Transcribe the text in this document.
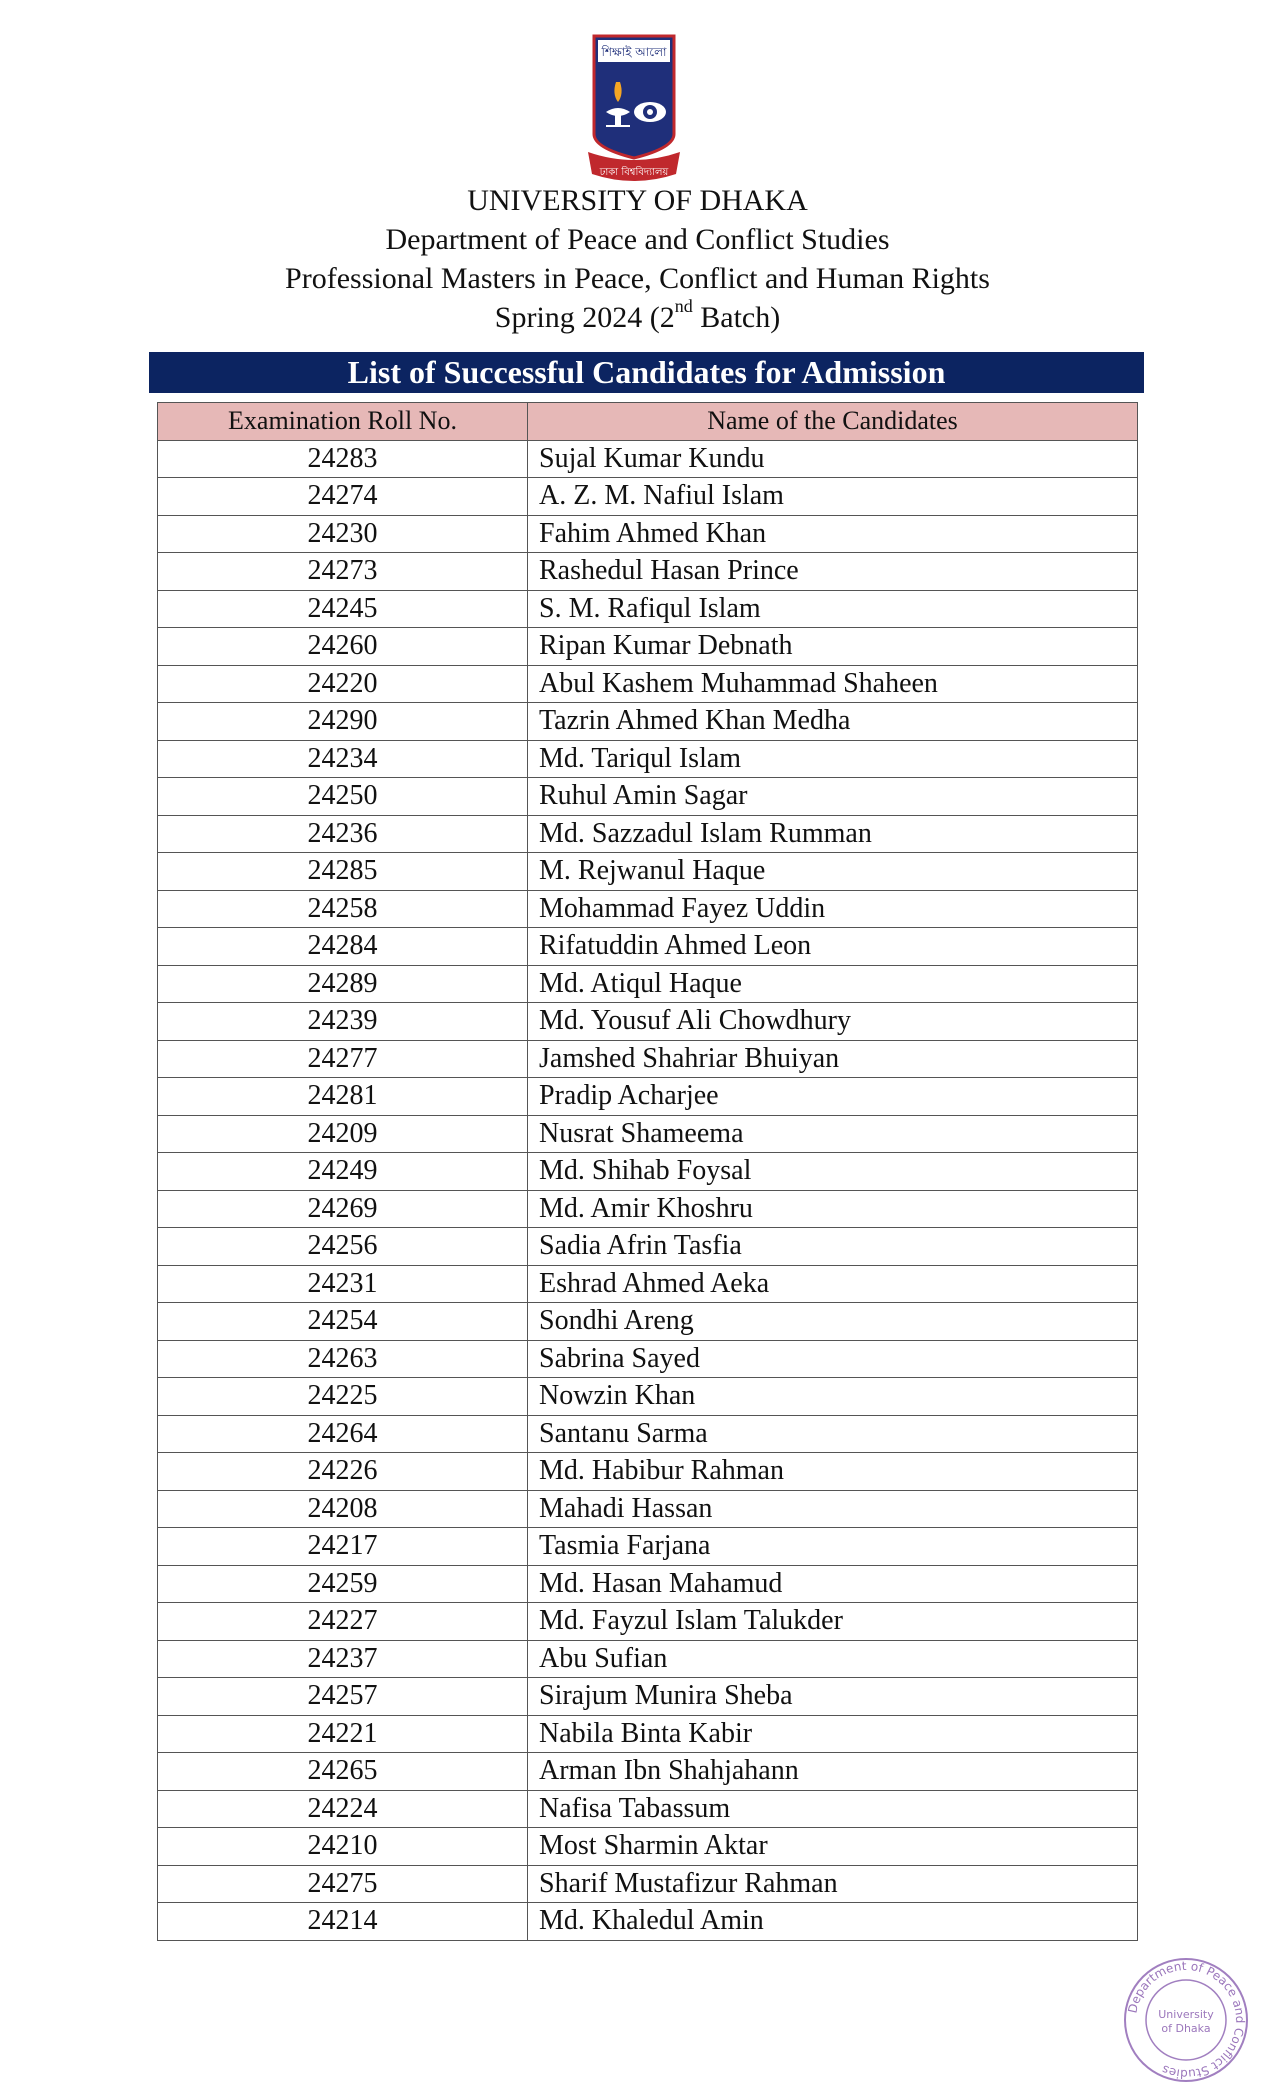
শিক্ষাই আলো
ঢাকা বিশ্ববিদ্যালয়
UNIVERSITY OF DHAKA
Department of Peace and Conflict Studies
Professional Masters in Peace, Conflict and Human Rights
Spring 2024 (2nd Batch)
List of Successful Candidates for Admission
Examination Roll No.	Name of the Candidates
24283	Sujal Kumar Kundu
24274	A. Z. M. Nafiul Islam
24230	Fahim Ahmed Khan
24273	Rashedul Hasan Prince
24245	S. M. Rafiqul Islam
24260	Ripan Kumar Debnath
24220	Abul Kashem Muhammad Shaheen
24290	Tazrin Ahmed Khan Medha
24234	Md. Tariqul Islam
24250	Ruhul Amin Sagar
24236	Md. Sazzadul Islam Rumman
24285	M. Rejwanul Haque
24258	Mohammad Fayez Uddin
24284	Rifatuddin Ahmed Leon
24289	Md. Atiqul Haque
24239	Md. Yousuf Ali Chowdhury
24277	Jamshed Shahriar Bhuiyan
24281	Pradip Acharjee
24209	Nusrat Shameema
24249	Md. Shihab Foysal
24269	Md. Amir Khoshru
24256	Sadia Afrin Tasfia
24231	Eshrad Ahmed Aeka
24254	Sondhi Areng
24263	Sabrina Sayed
24225	Nowzin Khan
24264	Santanu Sarma
24226	Md. Habibur Rahman
24208	Mahadi Hassan
24217	Tasmia Farjana
24259	Md. Hasan Mahamud
24227	Md. Fayzul Islam Talukder
24237	Abu Sufian
24257	Sirajum Munira Sheba
24221	Nabila Binta Kabir
24265	Arman Ibn Shahjahann
24224	Nafisa Tabassum
24210	Most Sharmin Aktar
24275	Sharif Mustafizur Rahman
24214	Md. Khaledul Amin
Department of Peace and Conflict Studies
University
of Dhaka
